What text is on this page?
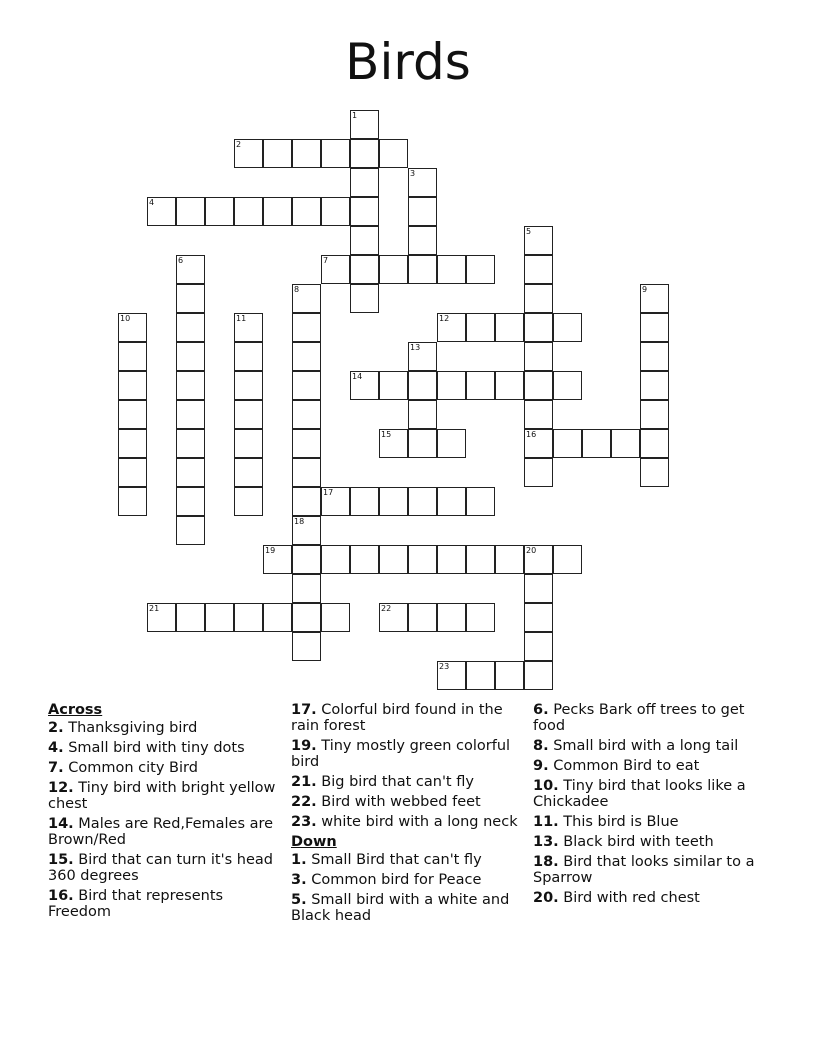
Birds
1
2
3
4
5
16
6	7
8	9
10	11	12
13
14
15
17
18
19	20
21	22
23
Across
2. Thanksgiving bird
4. Small bird with tiny dots
7. Common city Bird
12. Tiny bird with bright yellow chest
14. Males are Red,Females are Brown/Red
15. Bird that can turn it's head 360 degrees
16. Bird that represents Freedom
17. Colorful bird found in the rain forest
19. Tiny mostly green colorful bird
21. Big bird that can't fly
22. Bird with webbed feet
23. white bird with a long neck
Down
1. Small Bird that can't fly
3. Common bird for Peace
5. Small bird with a white and Black head
6. Pecks Bark off trees to get food
8. Small bird with a long tail
9. Common Bird to eat
10. Tiny bird that looks like a Chickadee
11. This bird is Blue
13. Black bird with teeth
18. Bird that looks similar to a Sparrow
20. Bird with red chest
